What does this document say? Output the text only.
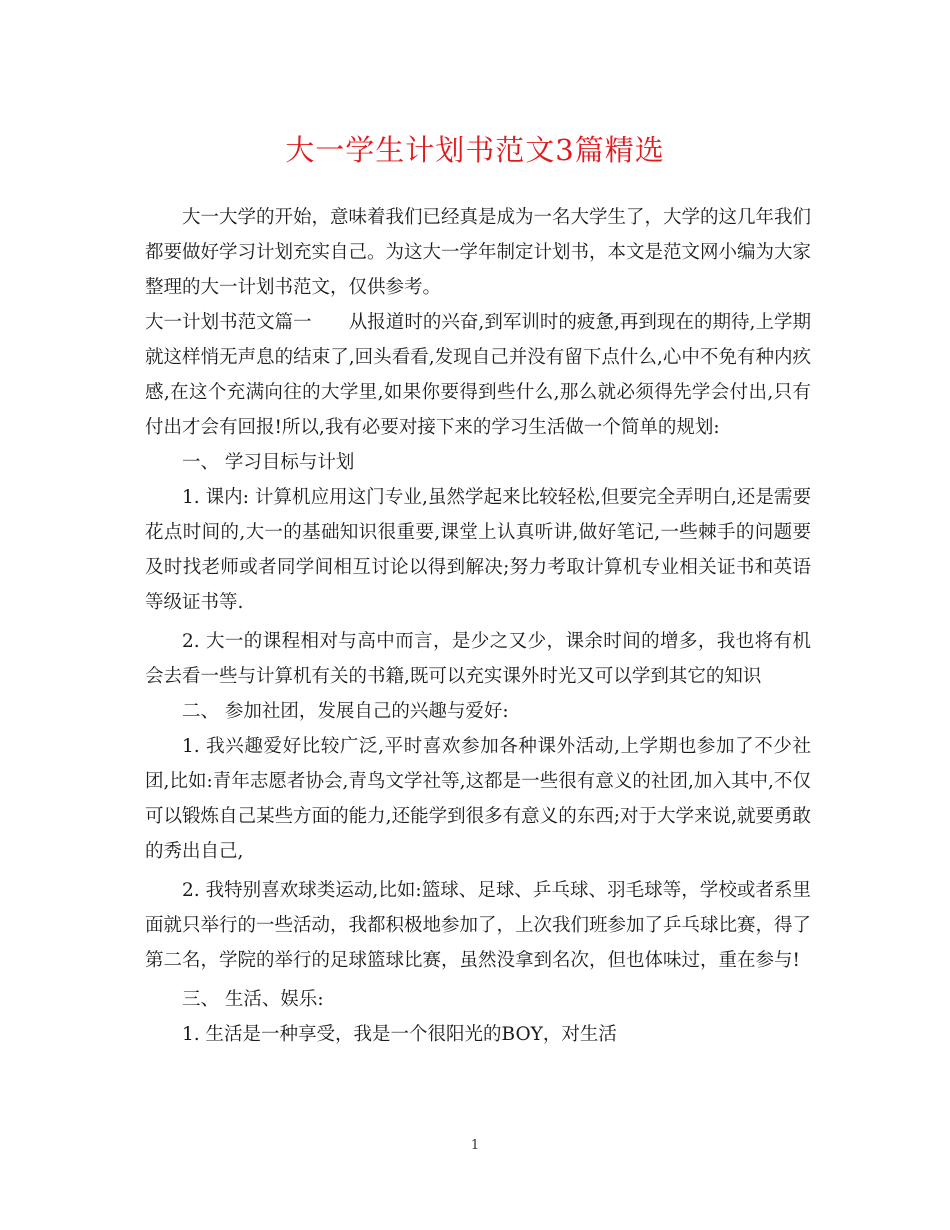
大一学生计划书范文3篇精选

大一大学的开始，意味着我们已经真是成为一名大学生了，大学的这几年我们都要做好学习计划充实自己。为这大一学年制定计划书，本文是范文网小编为大家整理的大一计划书范文，仅供参考。

大一计划书范文篇一　　从报道时的兴奋,到军训时的疲惫,再到现在的期待,上学期就这样悄无声息的结束了,回头看看,发现自己并没有留下点什么,心中不免有种内疚感,在这个充满向往的大学里,如果你要得到些什么,那么就必须得先学会付出,只有付出才会有回报!所以,我有必要对接下来的学习生活做一个简单的规划:

一、 学习目标与计划

1. 课内: 计算机应用这门专业,虽然学起来比较轻松,但要完全弄明白,还是需要花点时间的,大一的基础知识很重要,课堂上认真听讲,做好笔记,一些棘手的问题要及时找老师或者同学间相互讨论以得到解决;努力考取计算机专业相关证书和英语等级证书等.

2. 大一的课程相对与高中而言，是少之又少，课余时间的增多，我也将有机会去看一些与计算机有关的书籍,既可以充实课外时光又可以学到其它的知识

二、 参加社团，发展自己的兴趣与爱好:

1. 我兴趣爱好比较广泛,平时喜欢参加各种课外活动,上学期也参加了不少社团,比如:青年志愿者协会,青鸟文学社等,这都是一些很有意义的社团,加入其中,不仅可以锻炼自己某些方面的能力,还能学到很多有意义的东西;对于大学来说,就要勇敢的秀出自己,

2. 我特别喜欢球类运动,比如:篮球、足球、乒乓球、羽毛球等，学校或者系里面就只举行的一些活动，我都积极地参加了，上次我们班参加了乒乓球比赛，得了第二名，学院的举行的足球篮球比赛，虽然没拿到名次，但也体味过，重在参与!

三、 生活、娱乐:

1. 生活是一种享受，我是一个很阳光的BOY，对生活

1
